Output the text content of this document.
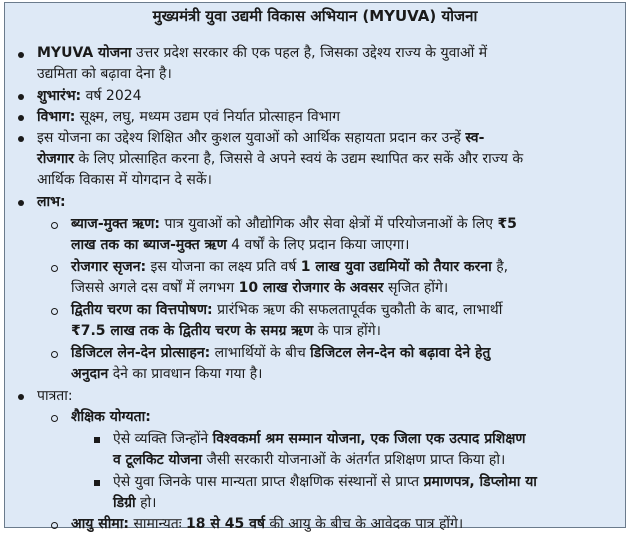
मुख्यमंत्री युवा उद्यमी विकास अभियान (MYUVA) योजना
MYUVA योजना उत्तर प्रदेश सरकार की एक पहल है, जिसका उद्देश्य राज्य के युवाओं में
उद्यमिता को बढ़ावा देना है।
शुभारंभ: वर्ष 2024
विभाग: सूक्ष्म, लघु, मध्यम उद्यम एवं निर्यात प्रोत्साहन विभाग
इस योजना का उद्देश्य शिक्षित और कुशल युवाओं को आर्थिक सहायता प्रदान कर उन्हें स्व-
रोजगार के लिए प्रोत्साहित करना है, जिससे वे अपने स्वयं के उद्यम स्थापित कर सकें और राज्य के
आर्थिक विकास में योगदान दे सकें।
लाभ:
ब्याज-मुक्त ऋण: पात्र युवाओं को औद्योगिक और सेवा क्षेत्रों में परियोजनाओं के लिए ₹5
लाख तक का ब्याज-मुक्त ऋण 4 वर्षों के लिए प्रदान किया जाएगा।
रोजगार सृजन: इस योजना का लक्ष्य प्रति वर्ष 1 लाख युवा उद्यमियों को तैयार करना है,
जिससे अगले दस वर्षों में लगभग 10 लाख रोजगार के अवसर सृजित होंगे।
द्वितीय चरण का वित्तपोषण: प्रारंभिक ऋण की सफलतापूर्वक चुकौती के बाद, लाभार्थी
₹7.5 लाख तक के द्वितीय चरण के समग्र ऋण के पात्र होंगे।
डिजिटल लेन-देन प्रोत्साहन: लाभार्थियों के बीच डिजिटल लेन-देन को बढ़ावा देने हेतु
अनुदान देने का प्रावधान किया गया है।
पात्रता:
शैक्षिक योग्यता:
ऐसे व्यक्ति जिन्होंने विश्वकर्मा श्रम सम्मान योजना, एक जिला एक उत्पाद प्रशिक्षण
व टूलकिट योजना जैसी सरकारी योजनाओं के अंतर्गत प्रशिक्षण प्राप्त किया हो।
ऐसे युवा जिनके पास मान्यता प्राप्त शैक्षणिक संस्थानों से प्राप्त प्रमाणपत्र, डिप्लोमा या
डिग्री हो।
आयु सीमा: सामान्यतः 18 से 45 वर्ष की आयु के बीच के आवेदक पात्र होंगे।
